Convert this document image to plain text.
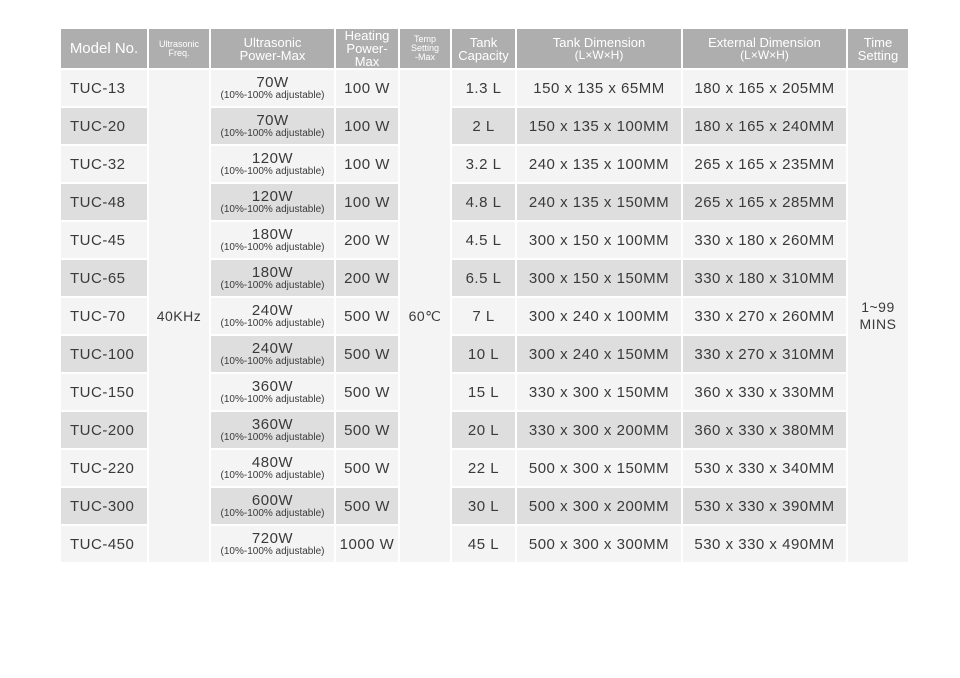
Model No.	Ultrasonic
Freq.	Ultrasonic
Power-Max	Heating
Power-
Max	Temp
Setting
-Max	Tank
Capacity	Tank Dimension
(L×W×H)	External Dimension
(L×W×H)	Time
Setting

TUC-13	40KHz	70W
(10%-100% adjustable)	100 W	60℃	1.3 L	150 x 135 x 65MM	180 x 165 x 205MM	1~99
MINS

TUC-20		70W
(10%-100% adjustable)	100 W		2 L	150 x 135 x 100MM	180 x 165 x 240MM	
TUC-32		120W
(10%-100% adjustable)	100 W		3.2 L	240 x 135 x 100MM	265 x 165 x 235MM	
TUC-48		120W
(10%-100% adjustable)	100 W		4.8 L	240 x 135 x 150MM	265 x 165 x 285MM	
TUC-45		180W
(10%-100% adjustable)	200 W		4.5 L	300 x 150 x 100MM	330 x 180 x 260MM	
TUC-65		180W
(10%-100% adjustable)	200 W		6.5 L	300 x 150 x 150MM	330 x 180 x 310MM	
TUC-70		240W
(10%-100% adjustable)	500 W		7 L	300 x 240 x 100MM	330 x 270 x 260MM	
TUC-100		240W
(10%-100% adjustable)	500 W		10 L	300 x 240 x 150MM	330 x 270 x 310MM	
TUC-150		360W
(10%-100% adjustable)	500 W		15 L	330 x 300 x 150MM	360 x 330 x 330MM	
TUC-200		360W
(10%-100% adjustable)	500 W		20 L	330 x 300 x 200MM	360 x 330 x 380MM	
TUC-220		480W
(10%-100% adjustable)	500 W		22 L	500 x 300 x 150MM	530 x 330 x 340MM	
TUC-300		600W
(10%-100% adjustable)	500 W		30 L	500 x 300 x 200MM	530 x 330 x 390MM	
TUC-450		720W
(10%-100% adjustable)	1000 W		45 L	500 x 300 x 300MM	530 x 330 x 490MM	
